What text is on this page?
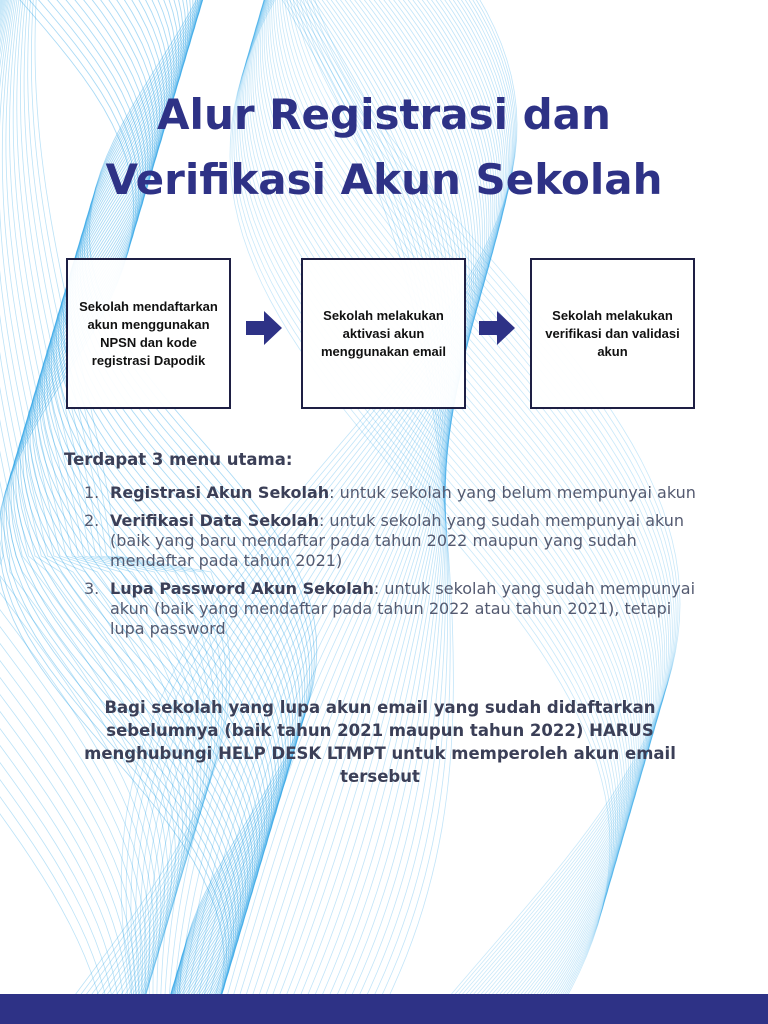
Alur Registrasi dan
Verifikasi Akun Sekolah
Sekolah mendaftarkan akun menggunakan NPSN dan kode registrasi Dapodik
Sekolah melakukan aktivasi akun menggunakan email
Sekolah melakukan verifikasi dan validasi akun
Terdapat 3 menu utama:
1. Registrasi Akun Sekolah: untuk sekolah yang belum mempunyai akun
2. Verifikasi Data Sekolah: untuk sekolah yang sudah mempunyai akun (baik yang baru mendaftar pada tahun 2022 maupun yang sudah mendaftar pada tahun 2021)
3. Lupa Password Akun Sekolah: untuk sekolah yang sudah mempunyai akun (baik yang mendaftar pada tahun 2022 atau tahun 2021), tetapi lupa password
Bagi sekolah yang lupa akun email yang sudah didaftarkan sebelumnya (baik tahun 2021 maupun tahun 2022) HARUS menghubungi HELP DESK LTMPT untuk memperoleh akun email tersebut
